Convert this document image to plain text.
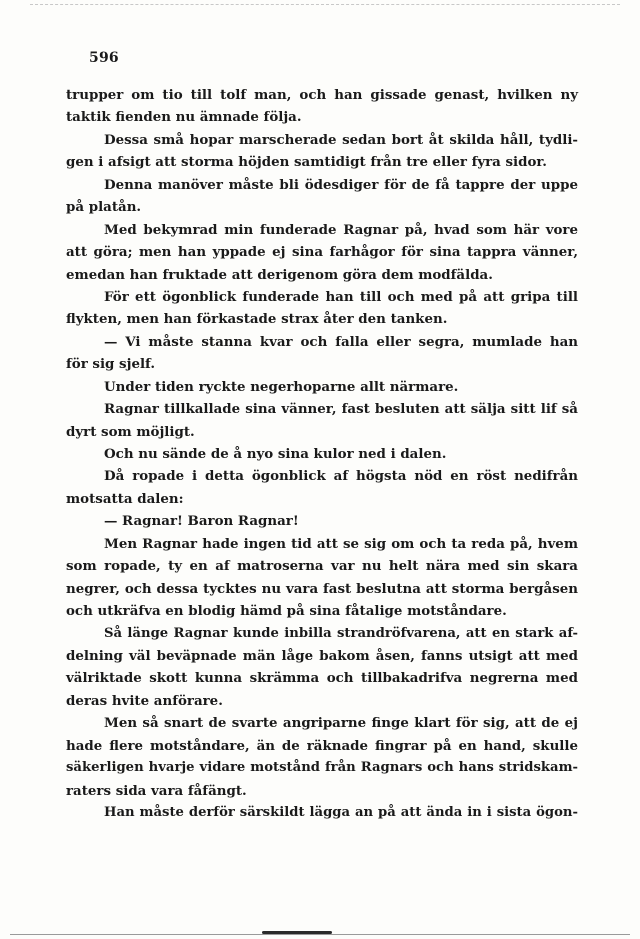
596
trupper om tio till tolf man, och han gissade genast, hvilken ny
taktik fienden nu ämnade följa.
Dessa små hopar marscherade sedan bort åt skilda håll, tydli-
gen i afsigt att storma höjden samtidigt från tre eller fyra sidor.
Denna manöver måste bli ödesdiger för de få tappre der uppe
på platån.
Med bekymrad min funderade Ragnar på, hvad som här vore
att göra; men han yppade ej sina farhågor för sina tappra vänner,
emedan han fruktade att derigenom göra dem modfälda.
För ett ögonblick funderade han till och med på att gripa till
flykten, men han förkastade strax åter den tanken.
— Vi måste stanna kvar och falla eller segra, mumlade han
för sig sjelf.
Under tiden ryckte negerhoparne allt närmare.
Ragnar tillkallade sina vänner, fast besluten att sälja sitt lif så
dyrt som möjligt.
Och nu sände de å nyo sina kulor ned i dalen.
Då ropade i detta ögonblick af högsta nöd en röst nedifrån
motsatta dalen:
— Ragnar! Baron Ragnar!
Men Ragnar hade ingen tid att se sig om och ta reda på, hvem
som ropade, ty en af matroserna var nu helt nära med sin skara
negrer, och dessa tycktes nu vara fast beslutna att storma bergåsen
och utkräfva en blodig hämd på sina fåtalige motståndare.
Så länge Ragnar kunde inbilla strandröfvarena, att en stark af-
delning väl beväpnade män låge bakom åsen, fanns utsigt att med
välriktade skott kunna skrämma och tillbakadrifva negrerna med
deras hvite anförare.
Men så snart de svarte angriparne finge klart för sig, att de ej
hade flere motståndare, än de räknade fingrar på en hand, skulle
säkerligen hvarje vidare motstånd från Ragnars och hans stridskam-
raters sida vara fåfängt.
Han måste derför särskildt lägga an på att ända in i sista ögon-
